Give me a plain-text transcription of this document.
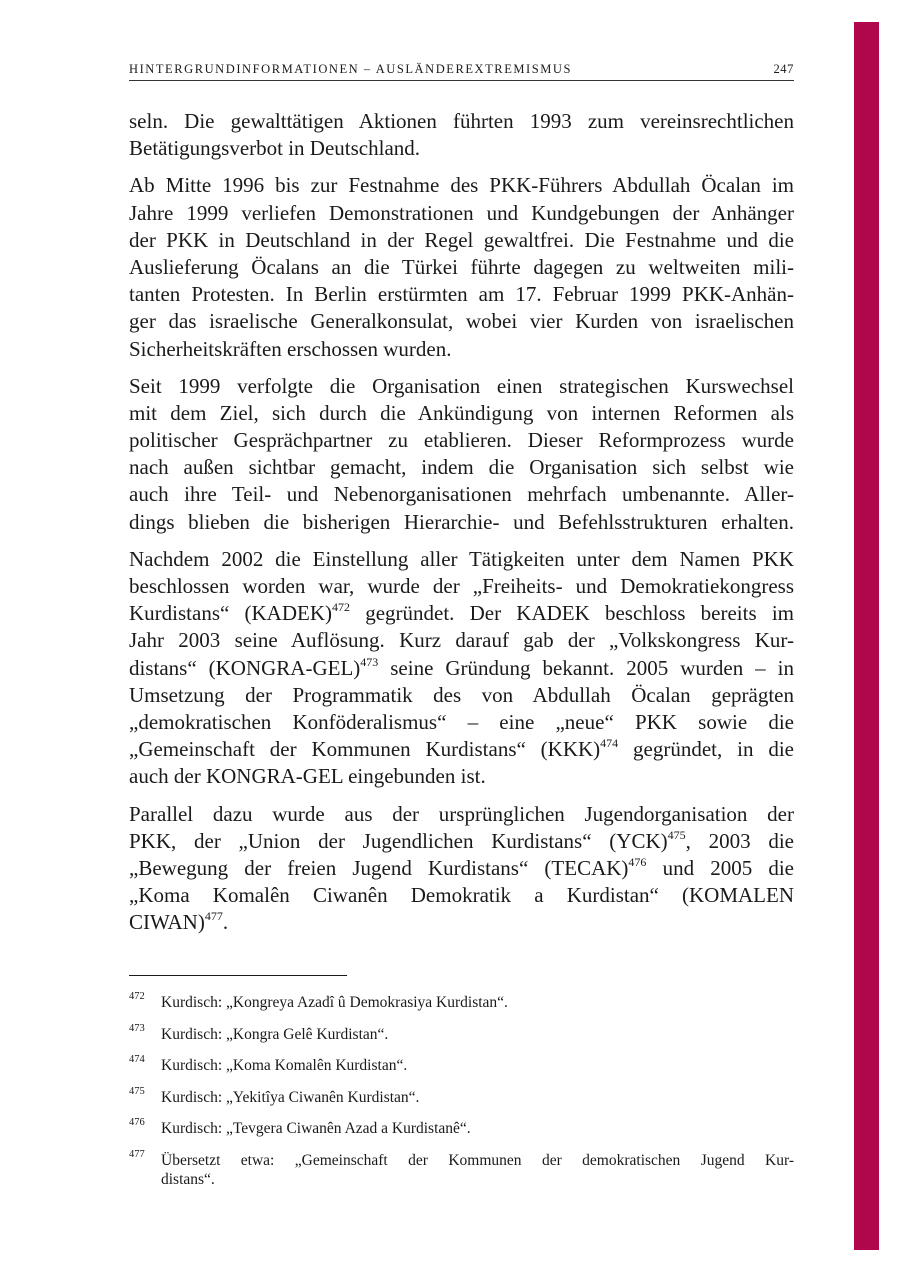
HINTERGRUNDINFORMATIONEN – AUSLÄNDEREXTREMISMUS	247
seln. Die gewalttätigen Aktionen führten 1993 zum vereinsrechtlichen
Betätigungsverbot in Deutschland.
Ab Mitte 1996 bis zur Festnahme des PKK-Führers Abdullah Öcalan im
Jahre 1999 verliefen Demonstrationen und Kundgebungen der Anhänger
der PKK in Deutschland in der Regel gewaltfrei. Die Festnahme und die
Auslieferung Öcalans an die Türkei führte dagegen zu weltweiten mili-
tanten Protesten. In Berlin erstürmten am 17. Februar 1999 PKK-Anhän-
ger das israelische Generalkonsulat, wobei vier Kurden von israelischen
Sicherheitskräften erschossen wurden.
Seit 1999 verfolgte die Organisation einen strategischen Kurswechsel
mit dem Ziel, sich durch die Ankündigung von internen Reformen als
politischer Gesprächpartner zu etablieren. Dieser Reformprozess wurde
nach außen sichtbar gemacht, indem die Organisation sich selbst wie
auch ihre Teil- und Nebenorganisationen mehrfach umbenannte. Aller-
dings blieben die bisherigen Hierarchie- und Befehlsstrukturen erhalten.
Nachdem 2002 die Einstellung aller Tätigkeiten unter dem Namen PKK
beschlossen worden war, wurde der „Freiheits- und Demokratiekongress
Kurdistans“ (KADEK)$^{472}$ gegründet. Der KADEK beschloss bereits im
Jahr 2003 seine Auflösung. Kurz darauf gab der „Volkskongress Kur-
distans“ (KONGRA-GEL)$^{473}$ seine Gründung bekannt. 2005 wurden – in
Umsetzung der Programmatik des von Abdullah Öcalan geprägten
„demokratischen Konföderalismus“ – eine „neue“ PKK sowie die
„Gemeinschaft der Kommunen Kurdistans“ (KKK)$^{474}$ gegründet, in die
auch der KONGRA-GEL eingebunden ist.
Parallel dazu wurde aus der ursprünglichen Jugendorganisation der
PKK, der „Union der Jugendlichen Kurdistans“ (YCK)$^{475}$, 2003 die
„Bewegung der freien Jugend Kurdistans“ (TECAK)$^{476}$ und 2005 die
„Koma Komalên Ciwanên Demokratik a Kurdistan“ (KOMALEN
CIWAN)$^{477}$.
472 Kurdisch: „Kongreya Azadî û Demokrasiya Kurdistan“.
473 Kurdisch: „Kongra Gelê Kurdistan“.
474 Kurdisch: „Koma Komalên Kurdistan“.
475 Kurdisch: „Yekitîya Ciwanên Kurdistan“.
476 Kurdisch: „Tevgera Ciwanên Azad a Kurdistanê“.
477 Übersetzt etwa: „Gemeinschaft der Kommunen der demokratischen Jugend Kur-
distans“.
